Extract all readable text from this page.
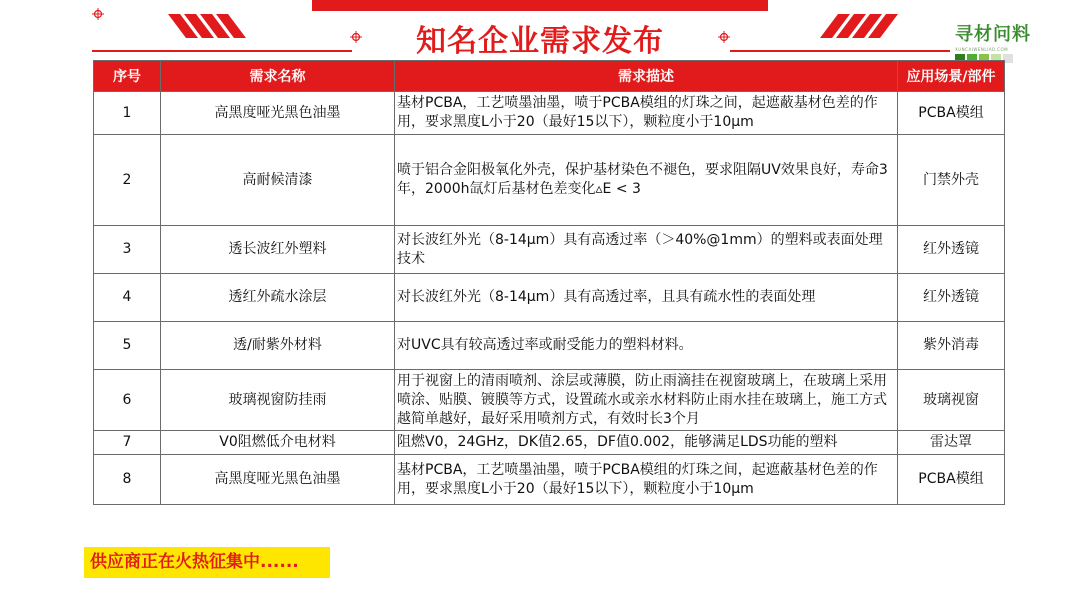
知名企业需求发布	寻材问料
XUNCAIWENLIAO.COM
序号	需求名称	需求描述	应用场景/部件
1	高黑度哑光黑色油墨	基材PCBA，工艺喷墨油墨，喷于PCBA模组的灯珠之间，起遮蔽基材色差的作用，要求黑度L小于20（最好15以下），颗粒度小于10μm	PCBA模组
2	高耐候清漆	喷于铝合金阳极氧化外壳，保护基材染色不褪色，要求阻隔UV效果良好，寿命3年，2000h氙灯后基材色差变化▵E < 3	门禁外壳
3	透长波红外塑料	对长波红外光（8-14μm）具有高透过率（＞40%@1mm）的塑料或表面处理技术	红外透镜
4	透红外疏水涂层	对长波红外光（8-14μm）具有高透过率，且具有疏水性的表面处理	红外透镜
5	透/耐紫外材料	对UVC具有较高透过率或耐受能力的塑料材料。	紫外消毒
6	玻璃视窗防挂雨	用于视窗上的清雨喷剂、涂层或薄膜，防止雨滴挂在视窗玻璃上，在玻璃上采用喷涂、贴膜、镀膜等方式，设置疏水或亲水材料防止雨水挂在玻璃上，施工方式越简单越好，最好采用喷剂方式，有效时长3个月	玻璃视窗
7	V0阻燃低介电材料	阻燃V0，24GHz，DK值2.65，DF值0.002，能够满足LDS功能的塑料	雷达罩
8	高黑度哑光黑色油墨	基材PCBA，工艺喷墨油墨，喷于PCBA模组的灯珠之间，起遮蔽基材色差的作用，要求黑度L小于20（最好15以下），颗粒度小于10μm	PCBA模组
供应商正在火热征集中......
